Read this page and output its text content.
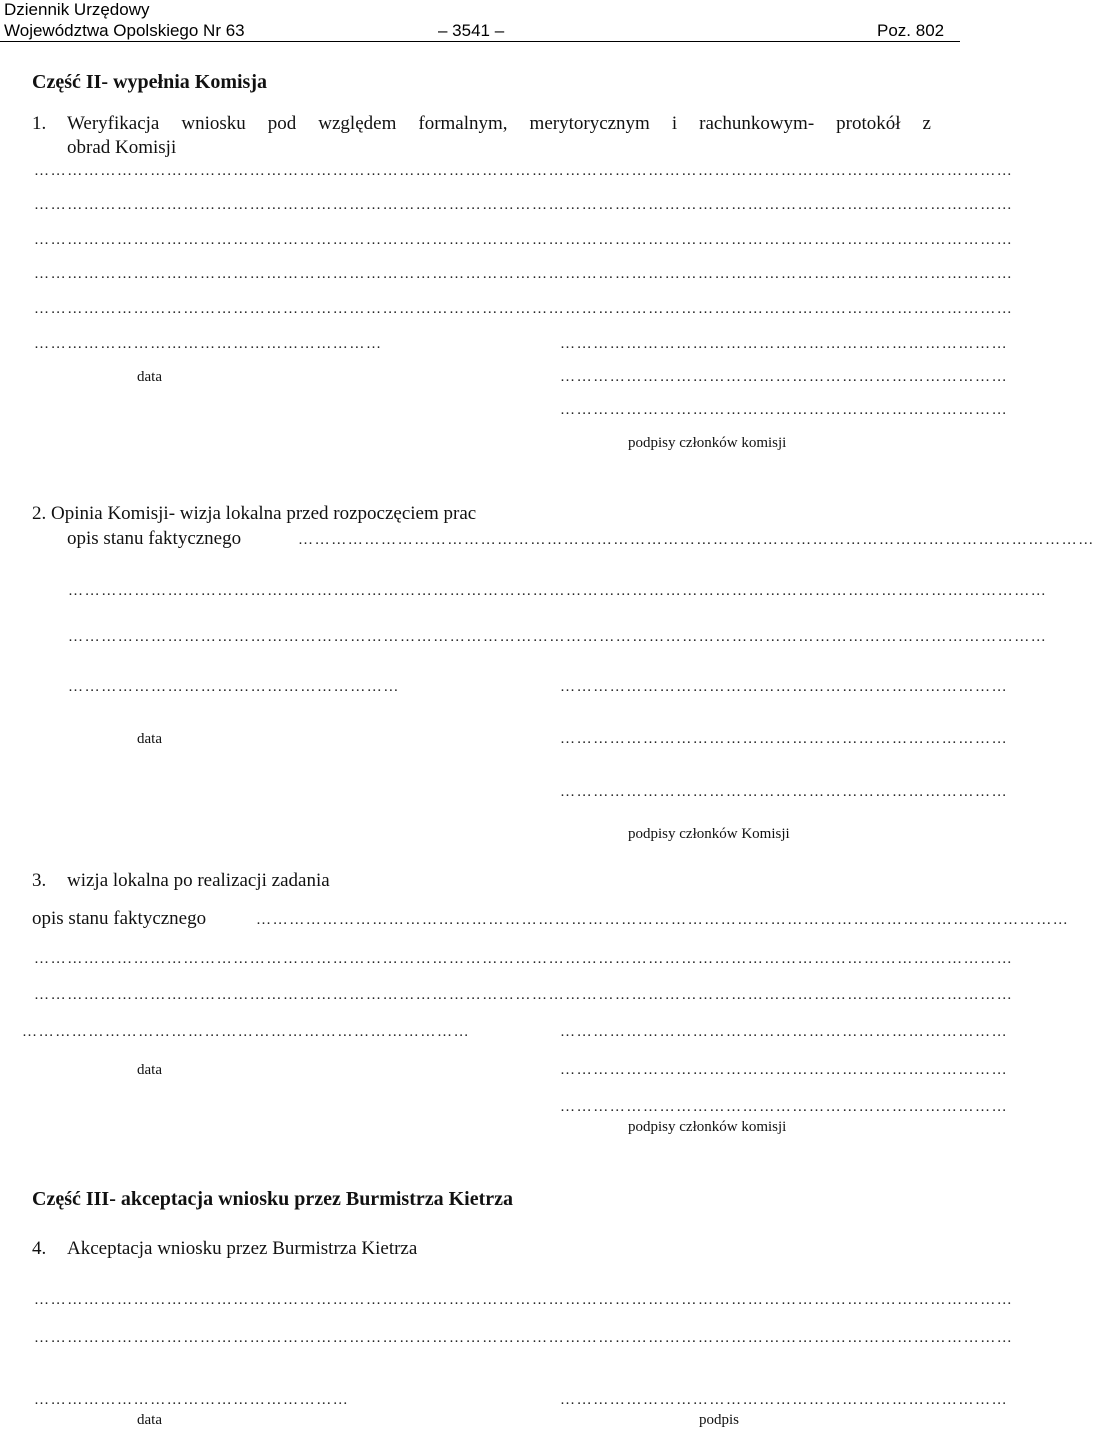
Dziennik Urzędowy
Województwa Opolskiego Nr 63	– 3541 –	Poz. 802
Część II- wypełnia Komisja
1. Weryfikacja wniosku pod względem formalnym, merytorycznym i rachunkowym- protokół z
obrad Komisji
……………………………………………………………………………………………………………………………………………………………
……………………………………………………………………………………………………………………………………………………………
……………………………………………………………………………………………………………………………………………………………
……………………………………………………………………………………………………………………………………………………………
……………………………………………………………………………………………………………………………………………………………
………………………………………………………	………………………………………………………………………
data	………………………………………………………………………
………………………………………………………………………
podpisy członków komisji
2. Opinia Komisji- wizja lokalna przed rozpoczęciem prac
opis stanu faktycznego	………………………………………………………………………………………………………………………………
……………………………………………………………………………………………………………………………………………………………
……………………………………………………………………………………………………………………………………………………………
……………………………………………………	………………………………………………………………………
data	………………………………………………………………………
………………………………………………………………………
podpisy członków Komisji
3. wizja lokalna po realizacji zadania
opis stanu faktycznego	…………………………………………………………………………………………………………………………………
……………………………………………………………………………………………………………………………………………………………
……………………………………………………………………………………………………………………………………………………………
………………………………………………………………………	………………………………………………………………………
data	………………………………………………………………………
………………………………………………………………………
podpisy członków komisji
Część III- akceptacja wniosku przez Burmistrza Kietrza
4. Akceptacja wniosku przez Burmistrza Kietrza
……………………………………………………………………………………………………………………………………………………………
……………………………………………………………………………………………………………………………………………………………
…………………………………………………	………………………………………………………………………
data	podpis
